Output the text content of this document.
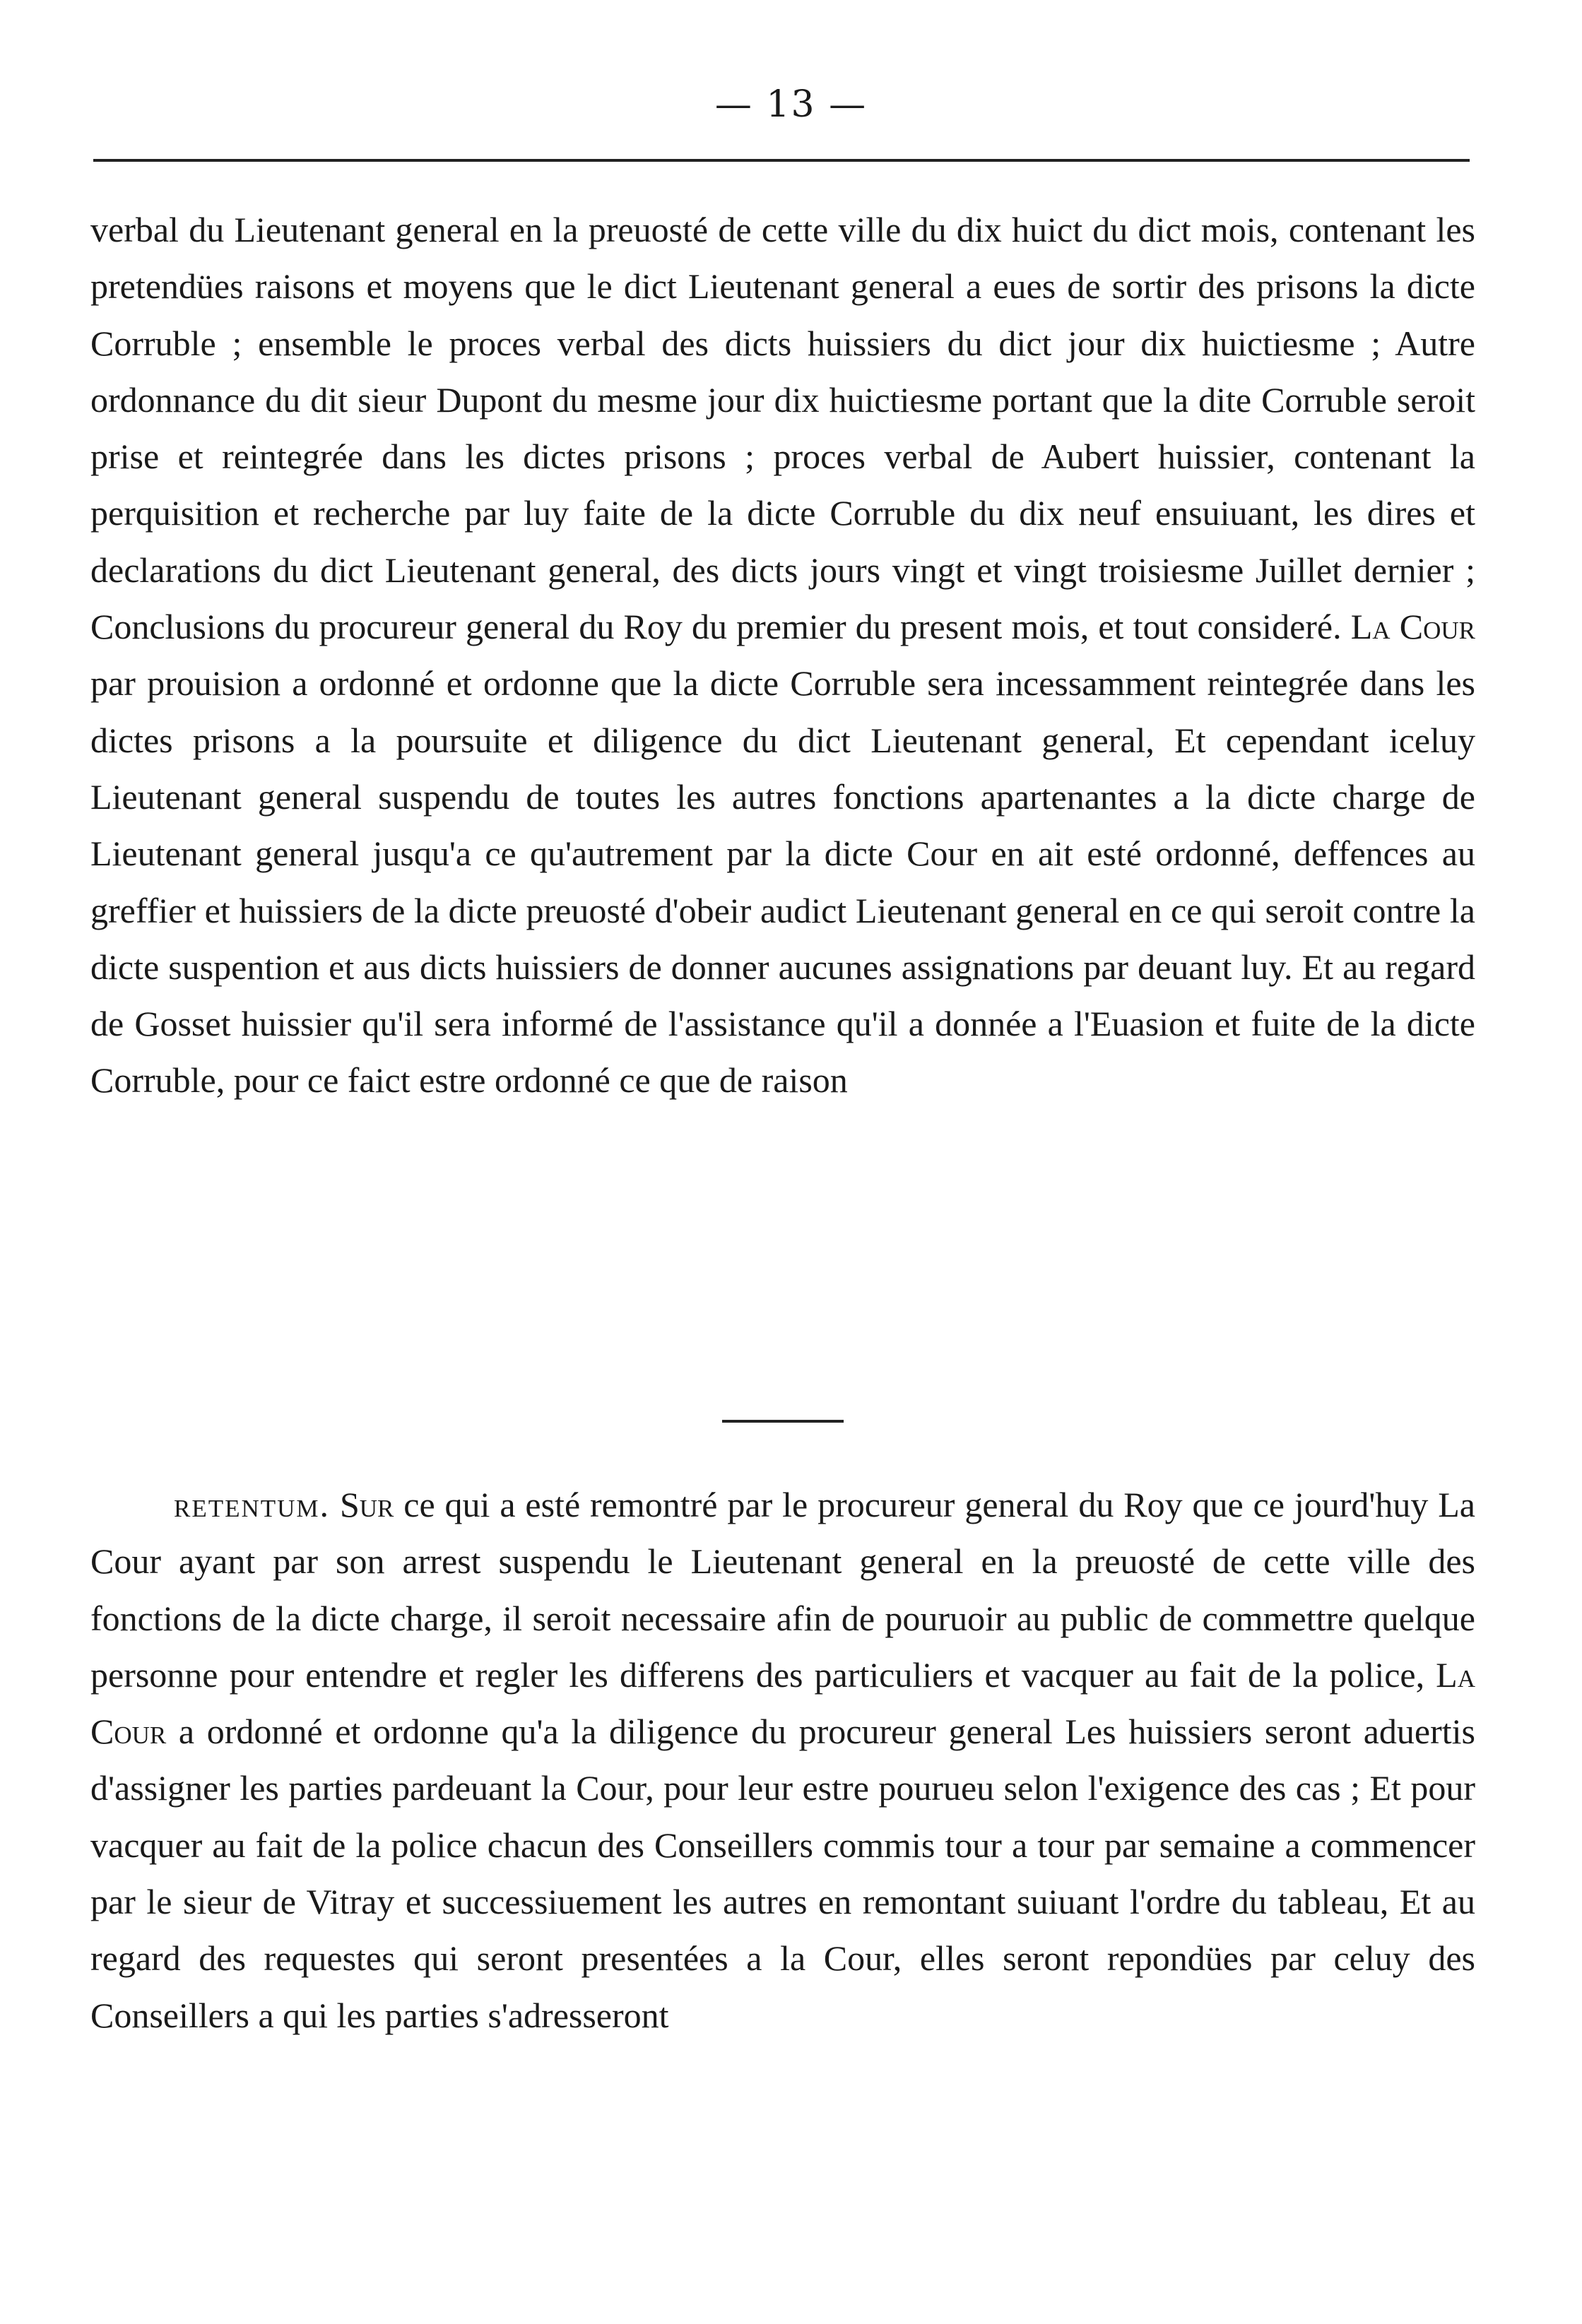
— 13 —

verbal du Lieutenant general en la preuosté de cette ville du dix huict du dict mois, contenant les pretendües raisons et moyens que le dict Lieutenant general a eues de sortir des prisons la dicte Corruble ; ensemble le proces verbal des dicts huissiers du dict jour dix huictiesme ; Autre ordonnance du dit sieur Dupont du mesme jour dix huictiesme portant que la dite Corruble seroit prise et reintegrée dans les dictes prisons ; proces verbal de Aubert huissier, contenant la perquisition et recherche par luy faite de la dicte Corruble du dix neuf ensuiuant, les dires et declarations du dict Lieutenant general, des dicts jours vingt et vingt troisiesme Juillet dernier ; Conclusions du procureur general du Roy du premier du present mois, et tout consideré. La Cour par prouision a ordonné et ordonne que la dicte Corruble sera incessamment reintegrée dans les dictes prisons a la poursuite et diligence du dict Lieutenant general, Et cependant iceluy Lieutenant general suspendu de toutes les autres fonctions apartenantes a la dicte charge de Lieutenant general jusqu'a ce qu'autrement par la dicte Cour en ait esté ordonné, deffences au greffier et huissiers de la dicte preuosté d'obeir audict Lieutenant general en ce qui seroit contre la dicte suspention et aus dicts huissiers de donner aucunes assignations par deuant luy. Et au regard de Gosset huissier qu'il sera informé de l'assistance qu'il a donnée a l'Euasion et fuite de la dicte Corruble, pour ce faict estre ordonné ce que de raison

retentum. Sur ce qui a esté remontré par le procureur general du Roy que ce jourd'huy La Cour ayant par son arrest suspendu le Lieutenant general en la preuosté de cette ville des fonctions de la dicte charge, il seroit necessaire afin de pouruoir au public de commettre quelque personne pour entendre et regler les differens des particuliers et vacquer au fait de la police, La Cour a ordonné et ordonne qu'a la diligence du procureur general Les huissiers seront aduertis d'assigner les parties pardeuant la Cour, pour leur estre pourueu selon l'exigence des cas ; Et pour vacquer au fait de la police chacun des Conseillers commis tour a tour par semaine a commencer par le sieur de Vitray et successiuement les autres en remontant suiuant l'ordre du tableau, Et au regard des requestes qui seront presentées a la Cour, elles seront repondües par celuy des Conseillers a qui les parties s'adresseront
